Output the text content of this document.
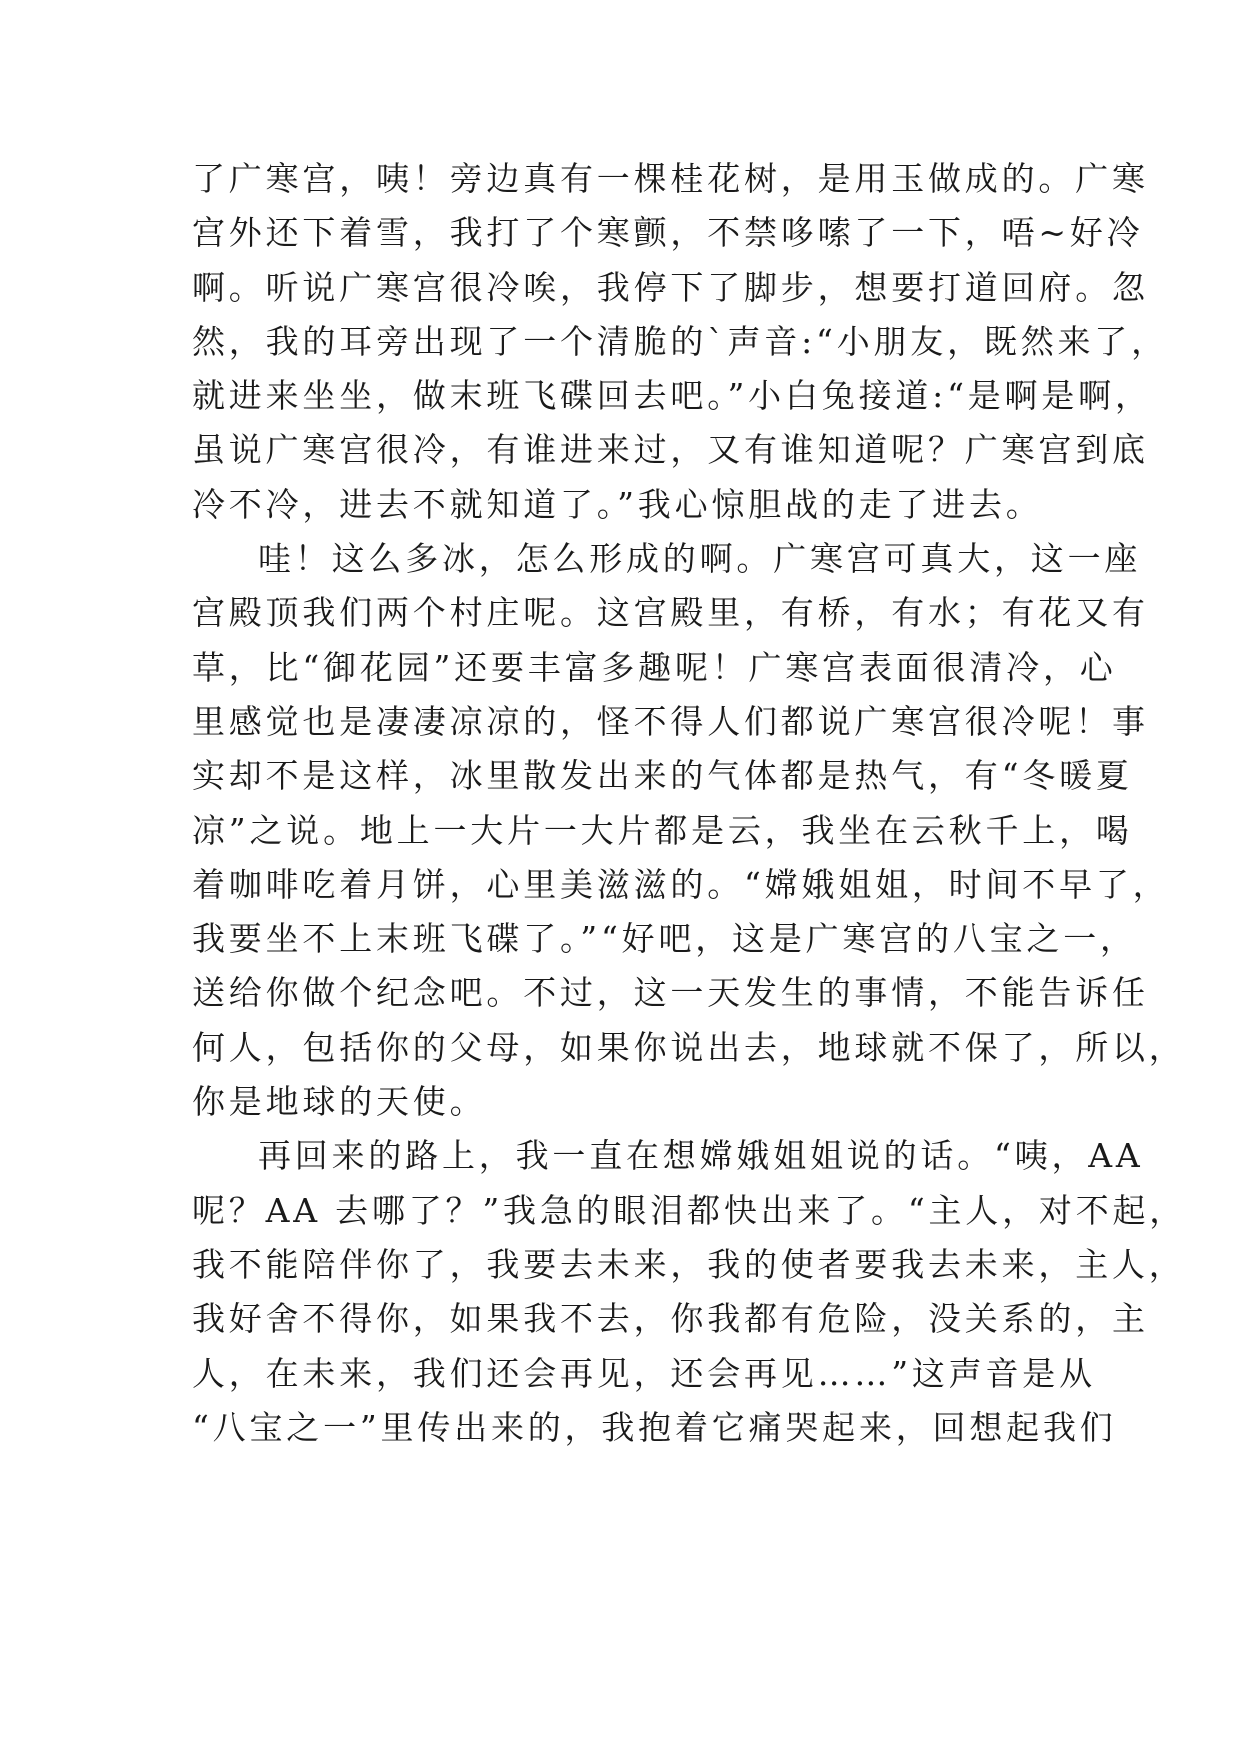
了广寒宫，咦！旁边真有一棵桂花树，是用玉做成的。广寒
宫外还下着雪，我打了个寒颤，不禁哆嗦了一下，唔~好冷
啊。听说广寒宫很冷唉，我停下了脚步，想要打道回府。忽
然，我的耳旁出现了一个清脆的`声音:“小朋友，既然来了，
就进来坐坐，做末班飞碟回去吧。”小白兔接道:“是啊是啊，
虽说广寒宫很冷，有谁进来过，又有谁知道呢？广寒宫到底
冷不冷，进去不就知道了。”我心惊胆战的走了进去。
哇！这么多冰，怎么形成的啊。广寒宫可真大，这一座
宫殿顶我们两个村庄呢。这宫殿里，有桥，有水；有花又有
草，比“御花园”还要丰富多趣呢！广寒宫表面很清冷，心
里感觉也是凄凄凉凉的，怪不得人们都说广寒宫很冷呢！事
实却不是这样，冰里散发出来的气体都是热气，有“冬暖夏
凉”之说。地上一大片一大片都是云，我坐在云秋千上，喝
着咖啡吃着月饼，心里美滋滋的。“嫦娥姐姐，时间不早了，
我要坐不上末班飞碟了。”“好吧，这是广寒宫的八宝之一，
送给你做个纪念吧。不过，这一天发生的事情，不能告诉任
何人，包括你的父母，如果你说出去，地球就不保了，所以，
你是地球的天使。
再回来的路上，我一直在想嫦娥姐姐说的话。“咦，AA
呢？AA 去哪了？”我急的眼泪都快出来了。“主人，对不起，
我不能陪伴你了，我要去未来，我的使者要我去未来，主人，
我好舍不得你，如果我不去，你我都有危险，没关系的，主
人，在未来，我们还会再见，还会再见……”这声音是从
“八宝之一”里传出来的，我抱着它痛哭起来，回想起我们
